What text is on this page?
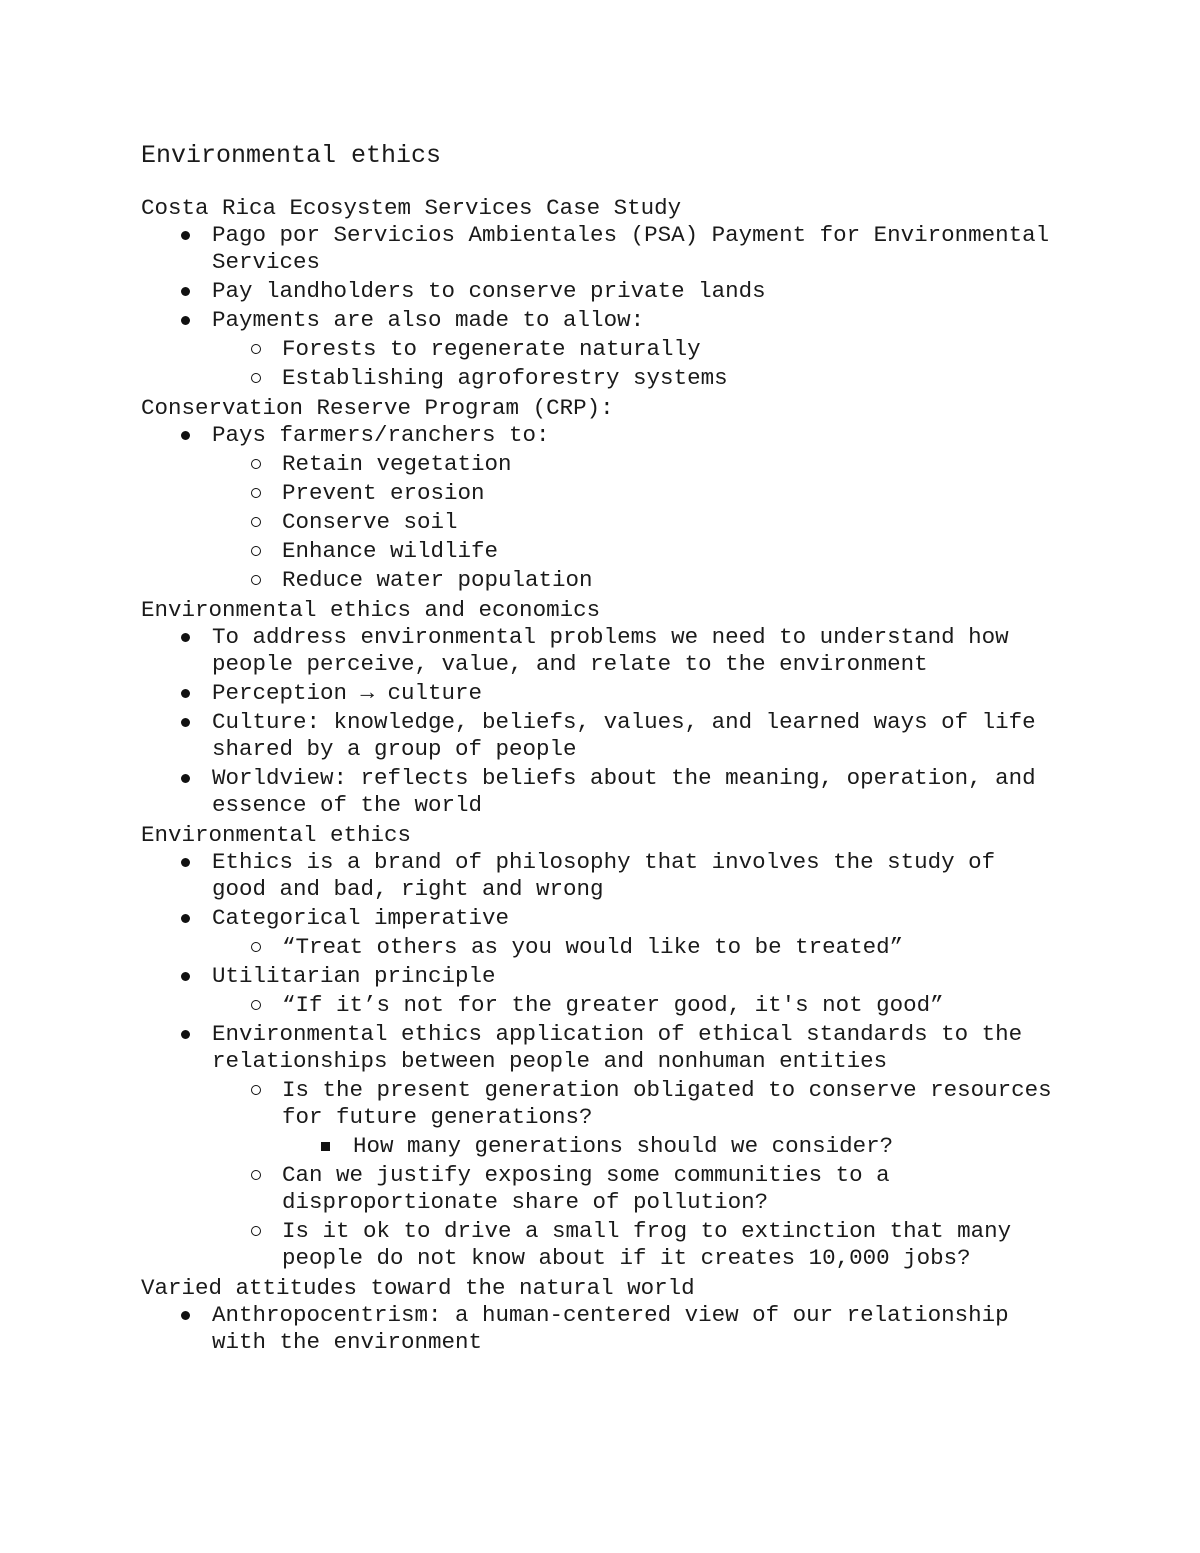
Environmental ethics
Costa Rica Ecosystem Services Case Study
Pago por Servicios Ambientales (PSA) Payment for Environmental Services
Pay landholders to conserve private lands
Payments are also made to allow:
Forests to regenerate naturally
Establishing agroforestry systems
Conservation Reserve Program (CRP):
Pays farmers/ranchers to:
Retain vegetation
Prevent erosion
Conserve soil
Enhance wildlife
Reduce water population
Environmental ethics and economics
To address environmental problems we need to understand how people perceive, value, and relate to the environment
Perception → culture
Culture: knowledge, beliefs, values, and learned ways of life shared by a group of people
Worldview: reflects beliefs about the meaning, operation, and essence of the world
Environmental ethics
Ethics is a brand of philosophy that involves the study of good and bad, right and wrong
Categorical imperative
“Treat others as you would like to be treated”
Utilitarian principle
“If it’s not for the greater good, it's not good”
Environmental ethics application of ethical standards to the relationships between people and nonhuman entities
Is the present generation obligated to conserve resources for future generations?
How many generations should we consider?
Can we justify exposing some communities to a disproportionate share of pollution?
Is it ok to drive a small frog to extinction that many people do not know about if it creates 10,000 jobs?
Varied attitudes toward the natural world
Anthropocentrism: a human-centered view of our relationship with the environment
